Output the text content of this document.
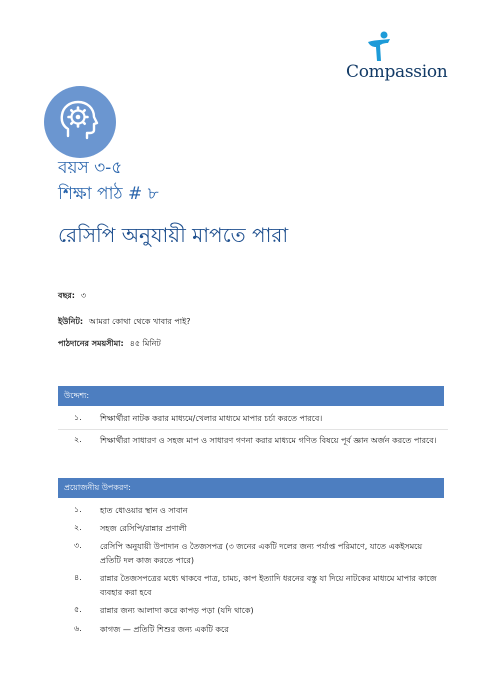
Compassion
বয়স ৩-৫
শিক্ষা পাঠ # ৮
রেসিপি অনুযায়ী মাপতে পারা
বছর: ৩
ইউনিট: আমরা কোথা থেকে খাবার পাই?
পাঠদানের সময়সীমা: ৪৫ মিনিট
উদ্দেশ্য:
১.	শিক্ষার্থীরা নাটক করার মাধ্যমে/খেলার মাধ্যমে মাপার চর্চা করতে পারবে।
২.	শিক্ষার্থীরা সাধারণ ও সহজ মাপ ও সাধারণ গণনা করার মাধ্যমে গণিত বিষয়ে পূর্ব জ্ঞান অর্জন করতে পারবে।
প্রয়োজনীয় উপকরণ:
১.	হাত ধোওয়ার স্থান ও সাবান
২.	সহজ রেসিপি/রান্নার প্রণালী
৩.	রেসিপি অনুযায়ী উপাদান ও তৈজসপত্র (৩ জনের একটি দলের জন্য পর্যাপ্ত পরিমাণে, যাতে একইসময়ে প্রতিটি দল কাজ করতে পারে)
৪.	রান্নার তৈজসপত্রের মধ্যে থাকবে পাত্র, চামচ, কাপ ইত্যাদি ধরনের বস্তু যা দিয়ে নাটকের মাধ্যমে মাপার কাজে ব্যবহার করা হবে
৫.	রান্নার জন্য আলাদা করে কাপড় পড়া (যদি থাকে)
৬.	কাগজ — প্রতিটি শিশুর জন্য একটি করে
